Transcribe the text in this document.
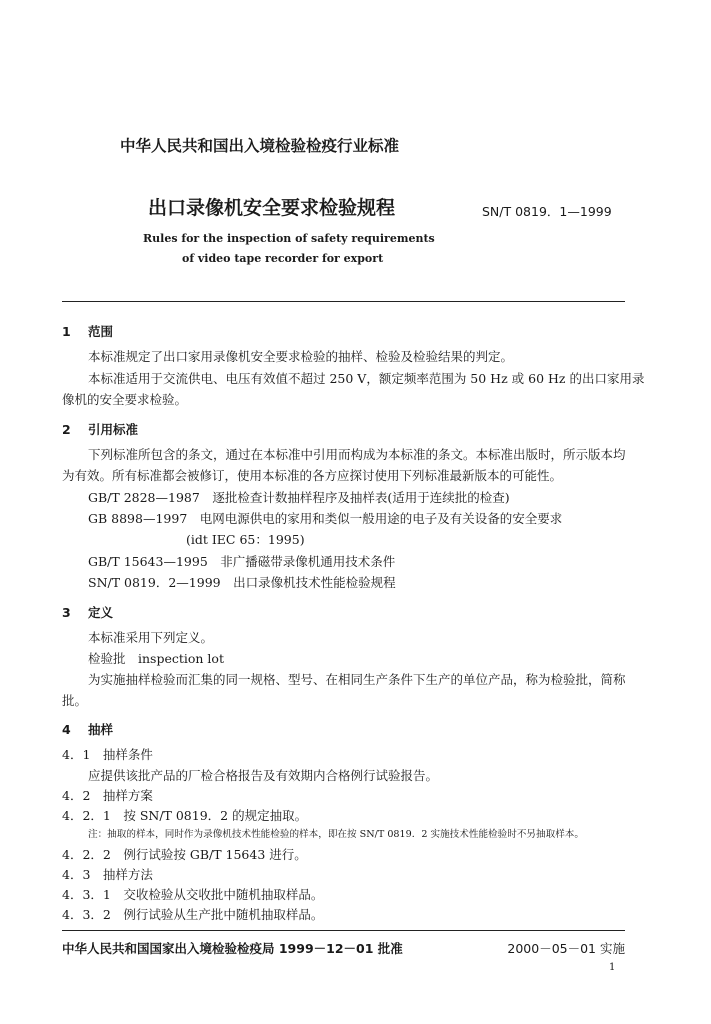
中华人民共和国出入境检验检疫行业标准
出口录像机安全要求检验规程	SN/T 0819．1—1999
Rules for the inspection of safety requirements
of video tape recorder for export
1 范围
本标准规定了出口家用录像机安全要求检验的抽样、检验及检验结果的判定。
本标准适用于交流供电、电压有效值不超过 250 V，额定频率范围为 50 Hz 或 60 Hz 的出口家用录
像机的安全要求检验。
2 引用标准
下列标准所包含的条文，通过在本标准中引用而构成为本标准的条文。本标准出版时，所示版本均
为有效。所有标准都会被修订，使用本标准的各方应探讨使用下列标准最新版本的可能性。
GB/T 2828—1987　逐批检查计数抽样程序及抽样表(适用于连续批的检查)
GB 8898—1997　电网电源供电的家用和类似一般用途的电子及有关设备的安全要求
(idt IEC 65：1995)
GB/T 15643—1995　非广播磁带录像机通用技术条件
SN/T 0819．2—1999　出口录像机技术性能检验规程
3 定义
本标准采用下列定义。
检验批　inspection lot
为实施抽样检验而汇集的同一规格、型号、在相同生产条件下生产的单位产品，称为检验批，简称
批。
4 抽样
4．1　抽样条件
应提供该批产品的厂检合格报告及有效期内合格例行试验报告。
4．2　抽样方案
4．2．1　按 SN/T 0819．2 的规定抽取。
注：抽取的样本，同时作为录像机技术性能检验的样本，即在按 SN/T 0819．2 实施技术性能检验时不另抽取样本。
4．2．2　例行试验按 GB/T 15643 进行。
4．3　抽样方法
4．3．1　交收检验从交收批中随机抽取样品。
4．3．2　例行试验从生产批中随机抽取样品。
中华人民共和国国家出入境检验检疫局 1999－12－01 批准	2000－05－01 实施
1
